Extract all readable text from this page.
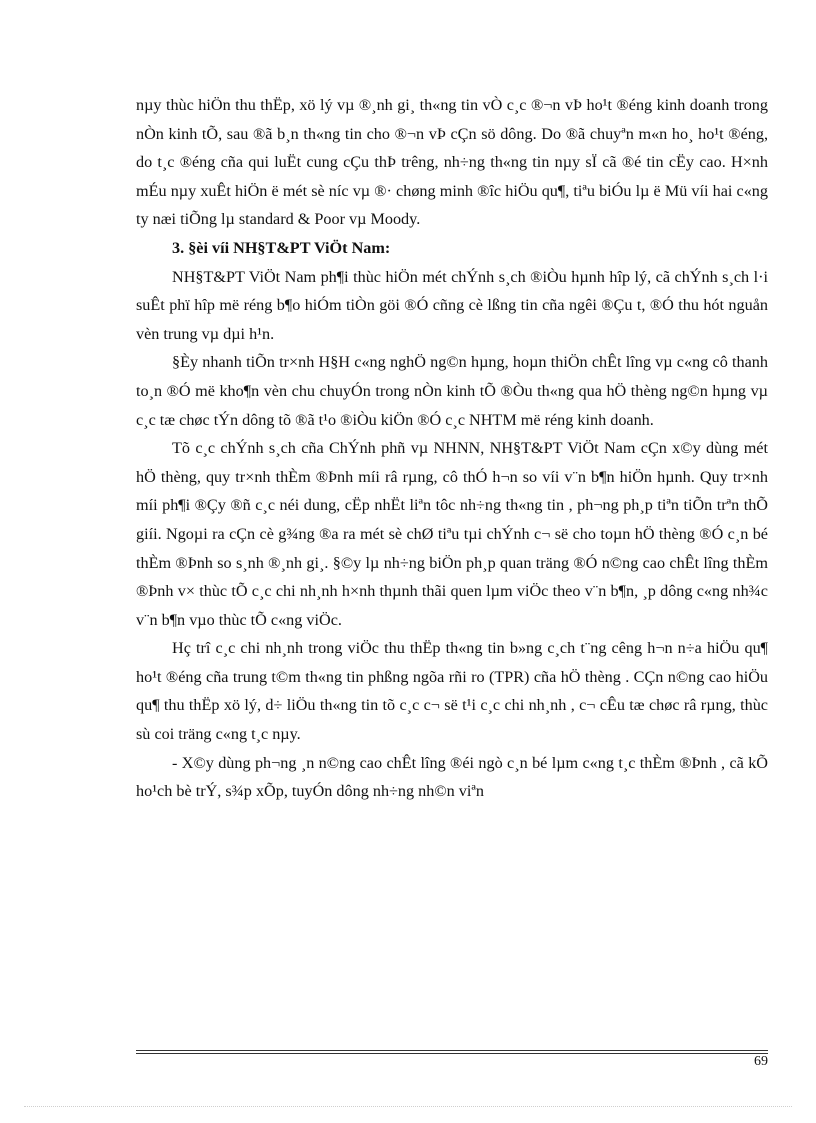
nµy thùc hiÖn thu thËp, xö lý vµ ®¸nh gi¸ th«ng tin vÒ c¸c ®¬n vÞ ho¹t ®éng kinh doanh trong nÒn kinh tÕ, sau ®ã b¸n th«ng tin cho ®¬n vÞ cÇn sö dông. Do ®ã chuyªn m«n ho¸ ho¹t ®éng, do t¸c ®éng cña qui luËt cung cÇu thÞ trêng, nh÷ng th«ng tin nµy sÏ cã ®é tin cËy cao. H×nh mÉu nµy xuÊt hiÖn ë mét sè níc vµ ®· chøng minh ®îc hiÖu qu¶, tiªu biÓu lµ ë Mü víi hai c«ng ty næi tiÕng lµ standard & Poor vµ Moody.

3. §èi víi NH§T&PT ViÖt Nam:

NH§T&PT ViÖt Nam ph¶i thùc hiÖn mét chÝnh s¸ch ®iÒu hµnh hîp lý, cã chÝnh s¸ch l·i suÊt phï hîp më réng b¶o hiÓm tiÒn göi ®Ó cñng cè lßng tin cña ngêi ®Çu t, ®Ó thu hót nguån vèn trung vµ dµi h¹n.

§Èy nhanh tiÕn tr×nh H§H c«ng nghÖ ng©n hµng, hoµn thiÖn chÊt lîng vµ c«ng cô thanh to¸n ®Ó më kho¶n vèn chu chuyÓn trong nÒn kinh tÕ ®Òu th«ng qua hÖ thèng ng©n hµng vµ c¸c tæ chøc tÝn dông tõ ®ã t¹o ®iÒu kiÖn ®Ó c¸c NHTM më réng kinh doanh.

Tõ c¸c chÝnh s¸ch cña ChÝnh phñ vµ NHNN, NH§T&PT ViÖt Nam cÇn x©y dùng mét hÖ thèng, quy tr×nh thÈm ®Þnh míi râ rµng, cô thÓ h¬n so víi v¨n b¶n hiÖn hµnh. Quy tr×nh míi ph¶i ®Çy ®ñ c¸c néi dung, cËp nhËt liªn tôc nh÷ng th«ng tin , ph¬ng ph¸p tiªn tiÕn trªn thÕ giíi. Ngoµi ra cÇn cè g¾ng ®a ra mét sè chØ tiªu tµi chÝnh c¬ së cho toµn hÖ thèng ®Ó c¸n bé thÈm ®Þnh so s¸nh ®¸nh gi¸. §©y lµ nh÷ng biÖn ph¸p quan träng ®Ó n©ng cao chÊt lîng thÈm ®Þnh v× thùc tÕ c¸c chi nh¸nh h×nh thµnh thãi quen lµm viÖc theo v¨n b¶n, ¸p dông c«ng nh¾c v¨n b¶n vµo thùc tÕ c«ng viÖc.

Hç trî c¸c chi nh¸nh trong viÖc thu thËp th«ng tin b»ng c¸ch t¨ng cêng h¬n n÷a hiÖu qu¶ ho¹t ®éng cña trung t©m th«ng tin phßng ngõa rñi ro (TPR) cña hÖ thèng . CÇn n©ng cao hiÖu qu¶ thu thËp xö lý, d÷ liÖu th«ng tin tõ c¸c c¬ së t¹i c¸c chi nh¸nh , c¬ cÊu tæ chøc râ rµng, thùc sù coi träng c«ng t¸c nµy.

- X©y dùng ph¬ng ¸n n©ng cao chÊt lîng ®éi ngò c¸n bé lµm c«ng t¸c thÈm ®Þnh , cã kÕ ho¹ch bè trÝ, s¾p xÕp, tuyÓn dông nh÷ng nh©n viªn

69
